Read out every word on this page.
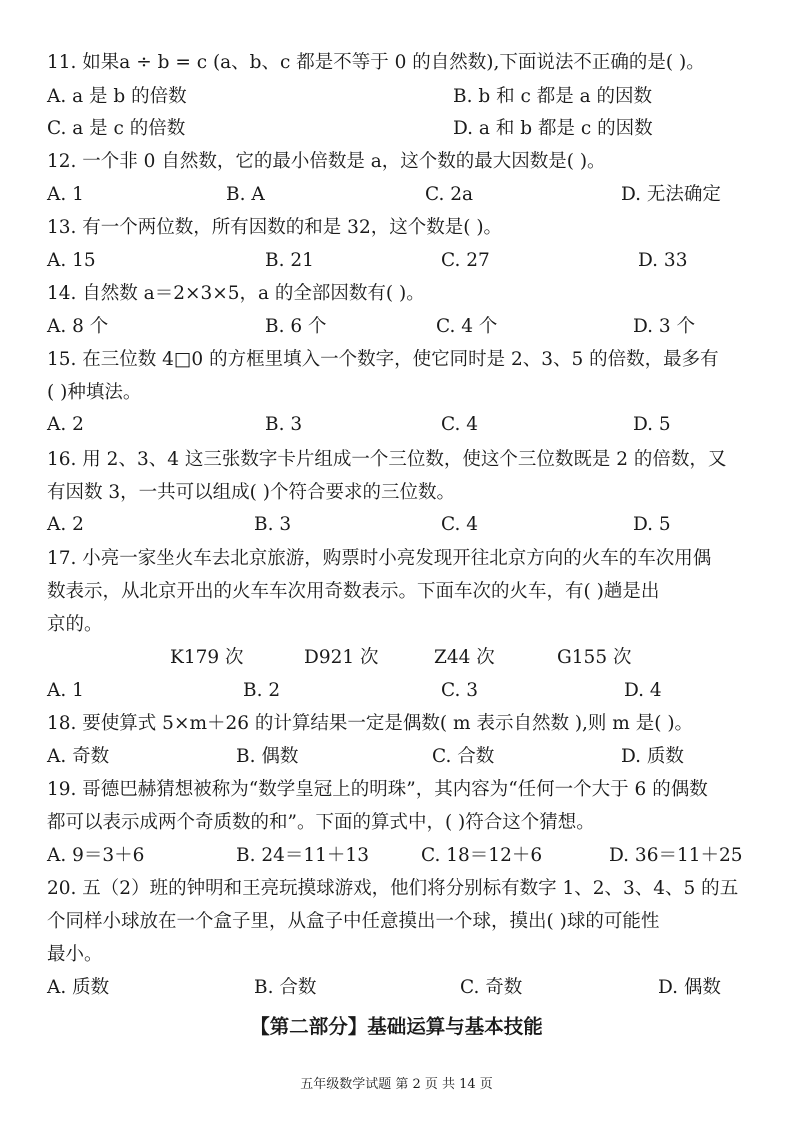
11. 如果a ÷ b = c (a、b、c 都是不等于 0 的自然数),下面说法不正确的是( )。
A. a 是 b 的倍数	B. b 和 c 都是 a 的因数
C. a 是 c 的倍数	D. a 和 b 都是 c 的因数
12. 一个非 0 自然数，它的最小倍数是 a，这个数的最大因数是( )。
A. 1	B. A	C. 2a	D. 无法确定
13. 有一个两位数，所有因数的和是 32，这个数是( )。
A. 15	B. 21	C. 27	D. 33
14. 自然数 a＝2×3×5，a 的全部因数有( )。
A. 8 个	B. 6 个	C. 4 个	D. 3 个
15. 在三位数 4□0 的方框里填入一个数字，使它同时是 2、3、5 的倍数，最多有
( )种填法。
A. 2	B. 3	C. 4	D. 5
16. 用 2、3、4 这三张数字卡片组成一个三位数，使这个三位数既是 2 的倍数，又
有因数 3，一共可以组成( )个符合要求的三位数。
A. 2	B. 3	C. 4	D. 5
17. 小亮一家坐火车去北京旅游，购票时小亮发现开往北京方向的火车的车次用偶
数表示，从北京开出的火车车次用奇数表示。下面车次的火车，有( )趟是出
京的。
K179 次	D921 次	Z44 次	G155 次
A. 1	B. 2	C. 3	D. 4
18. 要使算式 5×m＋26 的计算结果一定是偶数( m 表示自然数 ),则 m 是( )。
A. 奇数	B. 偶数	C. 合数	D. 质数
19. 哥德巴赫猜想被称为“数学皇冠上的明珠”，其内容为“任何一个大于 6 的偶数
都可以表示成两个奇质数的和”。下面的算式中，( )符合这个猜想。
A. 9＝3＋6	B. 24＝11＋13	C. 18＝12＋6	D. 36＝11＋25
20. 五（2）班的钟明和王亮玩摸球游戏，他们将分别标有数字 1、2、3、4、5 的五
个同样小球放在一个盒子里，从盒子中任意摸出一个球，摸出( )球的可能性
最小。
A. 质数	B. 合数	C. 奇数	D. 偶数
【第二部分】基础运算与基本技能
五年级数学试题 第 2 页 共 14 页
